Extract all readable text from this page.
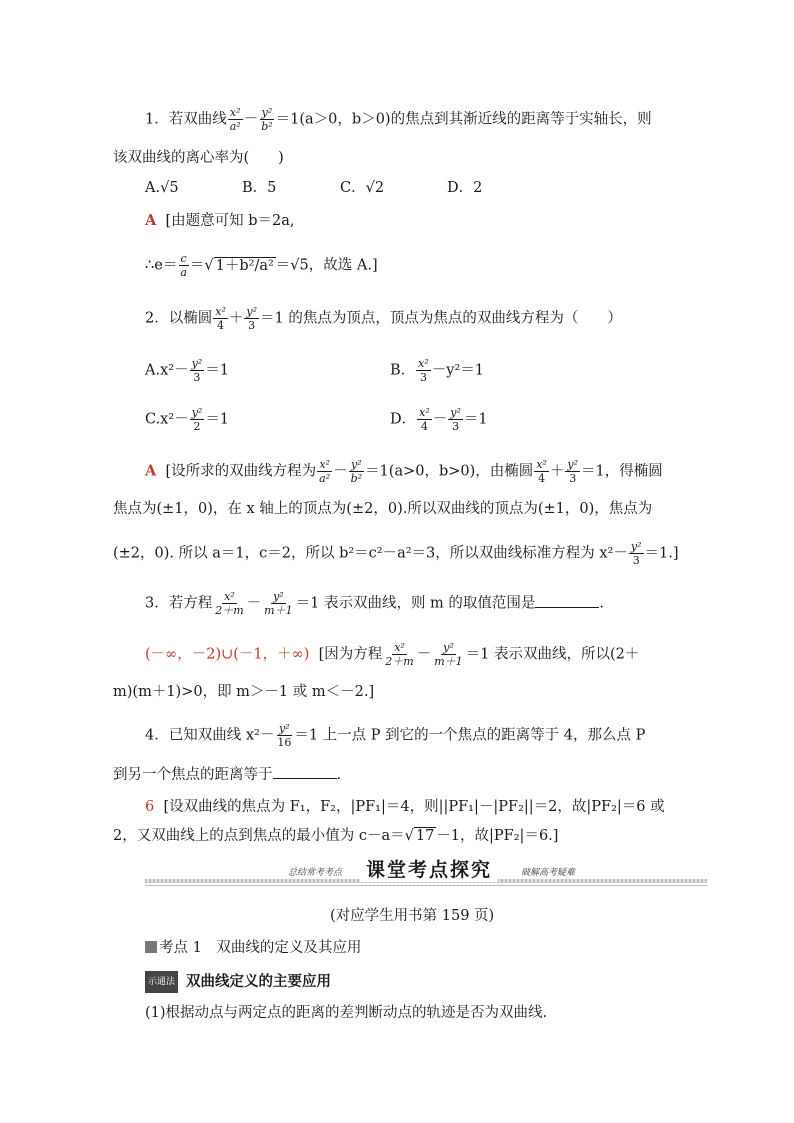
1．若双曲线 $\frac{\text{x²}}{\text{a²}} - \frac{\text{y²}}{\text{b²}} =1(a>0$，b＞0)的焦点到其渐近线的距离等于实轴长，则
该双曲线的离心率为(　　)
A.√5	B．5	C．√2	D．2
A [由题意可知 b＝2a,
∴e＝ $\frac{c}{a}$ ＝√ 1＋b²/a² ＝√5，故选 A.]
2．以椭圆 $\frac{\text{x²}}{4} + \frac{\text{y²}}{3} =1$ 的焦点为顶点，顶点为焦点的双曲线方程为（　　）
$A.x^2- \frac{\text{y²}}{3} =1$	B． $\frac{\text{x²}}{3} -y^2=1$
$C.x^2- \frac{\text{y²}}{2} =1$	D． $\frac{\text{x²}}{4} - \frac{\text{y²}}{3} =1$
A [设所求的双曲线方程为 $\frac{\text{x²}}{\text{a²}} - \frac{\text{y²}}{\text{b²}} =1(a>0$，b>0)，由椭圆 $\frac{\text{x²}}{4} + \frac{\text{y²}}{3} =1$，得椭圆
焦点为(±1，0)，在 x 轴上的顶点为(±2，0).所以双曲线的顶点为(±1，0)，焦点为
(±2，0). 所以 a＝1，c＝2，所以 b²＝c²－a²＝3，所以双曲线标准方程为 $x^2- \frac{\text{y²}}{3} =1$.]
3．若方程 $\frac{\text{x²}}{2+m} - \frac{\text{y²}}{m+1} =1$ 表示双曲线，则 m 的取值范围是	.
(－∞，－2)∪(－1，＋∞) [因为方程 $\frac{\text{x²}}{2+m} - \frac{\text{y²}}{m+1} =1$ 表示双曲线，所以(2＋
m)(m＋1)>0，即 m＞－1 或 m＜－2.]
4．已知双曲线 $x^2- \frac{\text{y²}}{16} =1$ 上一点 P 到它的一个焦点的距离等于 4，那么点 P
到另一个焦点的距离等于	.
6 [设双曲线的焦点为 F₁，F₂，|PF₁|＝4，则||PF₁|－|PF₂||＝2，故|PF₂|＝6 或
2，又双曲线上的点到焦点的最小值为 c－a＝√ 17 －1，故|PF₂|＝6.]
总结常考考点	课堂考点探究	破解高考疑难
(对应学生用书第 159 页)
考点 1　双曲线的定义及其应用
示通法 双曲线定义的主要应用
(1)根据动点与两定点的距离的差判断动点的轨迹是否为双曲线.
